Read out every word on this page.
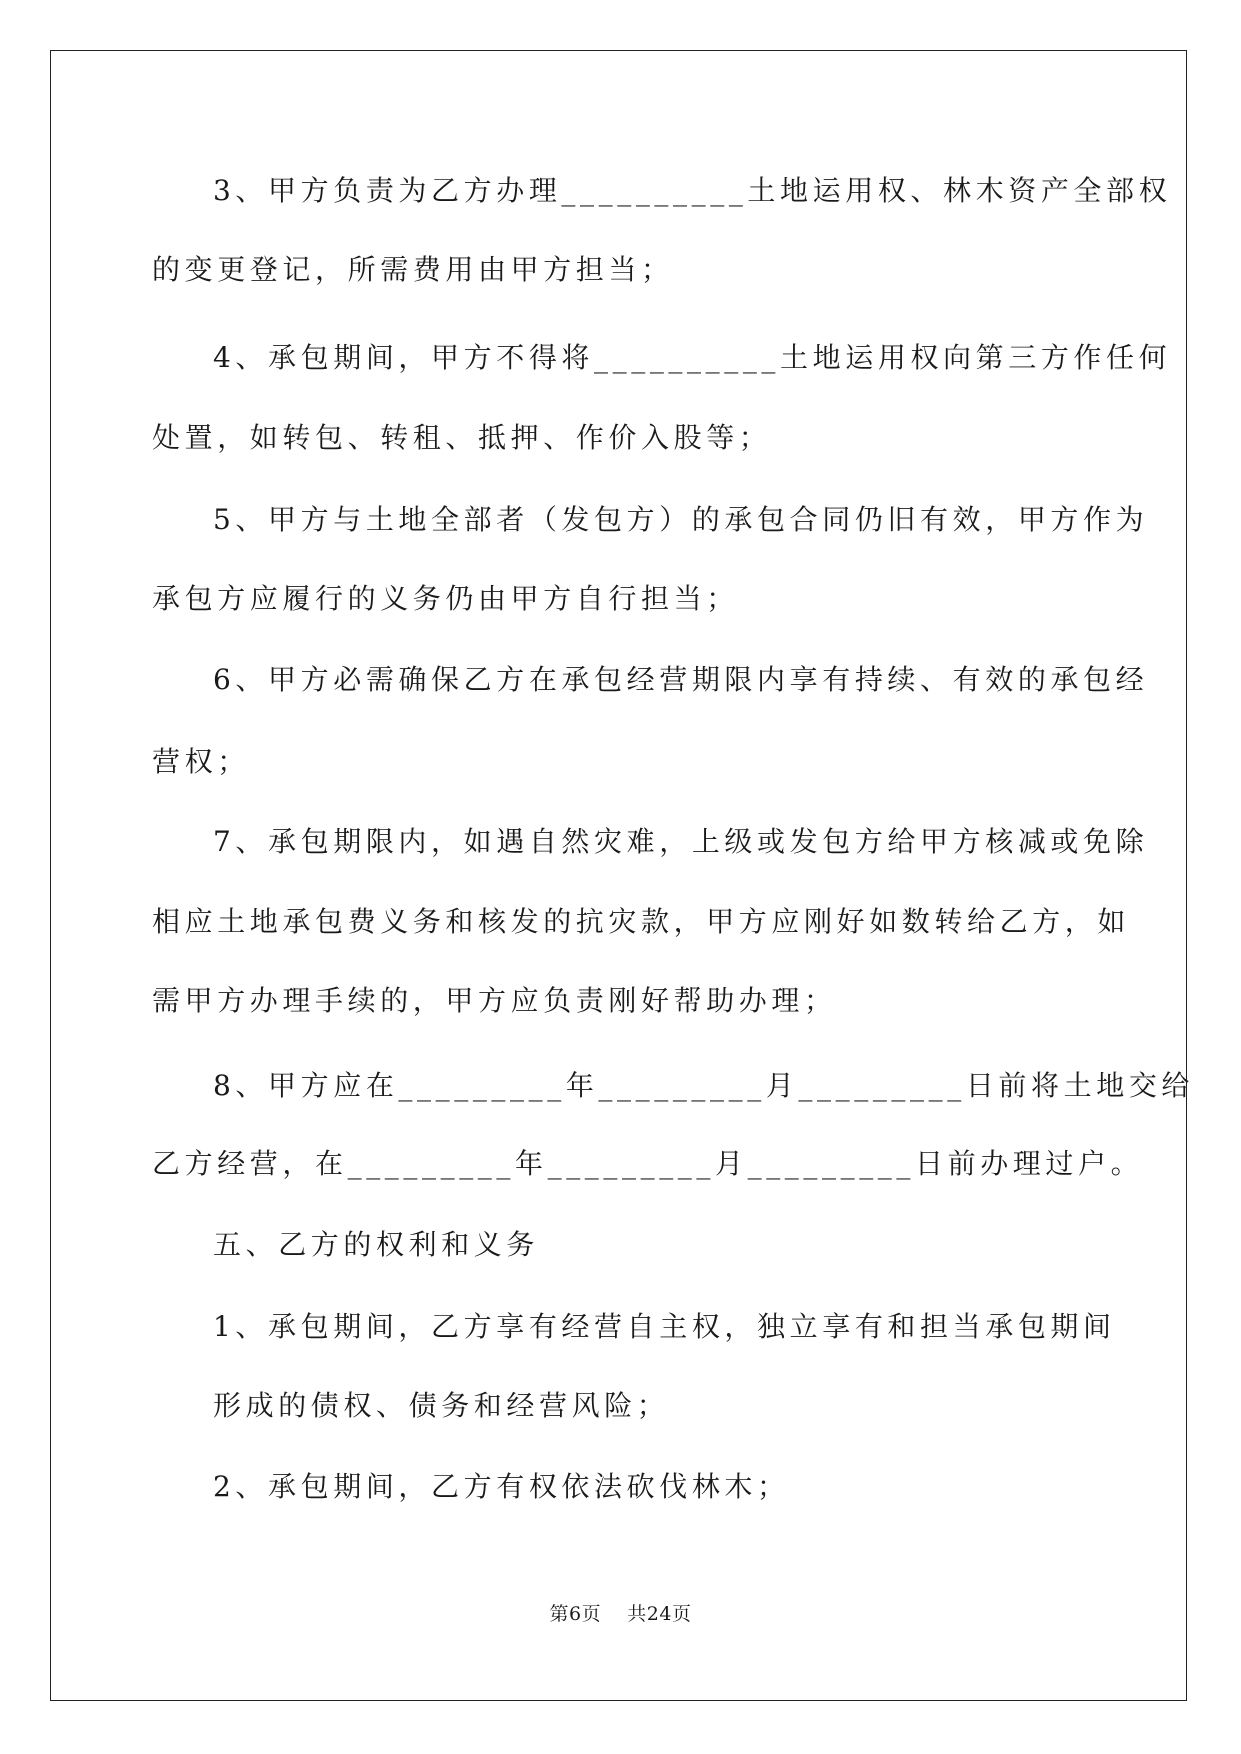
3、甲方负责为乙方办理__________土地运用权、林木资产全部权
的变更登记，所需费用由甲方担当；
4、承包期间，甲方不得将__________土地运用权向第三方作任何
处置，如转包、转租、抵押、作价入股等；
5、甲方与土地全部者（发包方）的承包合同仍旧有效，甲方作为
承包方应履行的义务仍由甲方自行担当；
6、甲方必需确保乙方在承包经营期限内享有持续、有效的承包经
营权；
7、承包期限内，如遇自然灾难，上级或发包方给甲方核减或免除
相应土地承包费义务和核发的抗灾款，甲方应刚好如数转给乙方，如
需甲方办理手续的，甲方应负责刚好帮助办理；
8、甲方应在_________年_________月_________日前将土地交给
乙方经营，在_________年_________月_________日前办理过户。
五、乙方的权利和义务
1、承包期间，乙方享有经营自主权，独立享有和担当承包期间
形成的债权、债务和经营风险；
2、承包期间，乙方有权依法砍伐林木；
第6页    共24页
